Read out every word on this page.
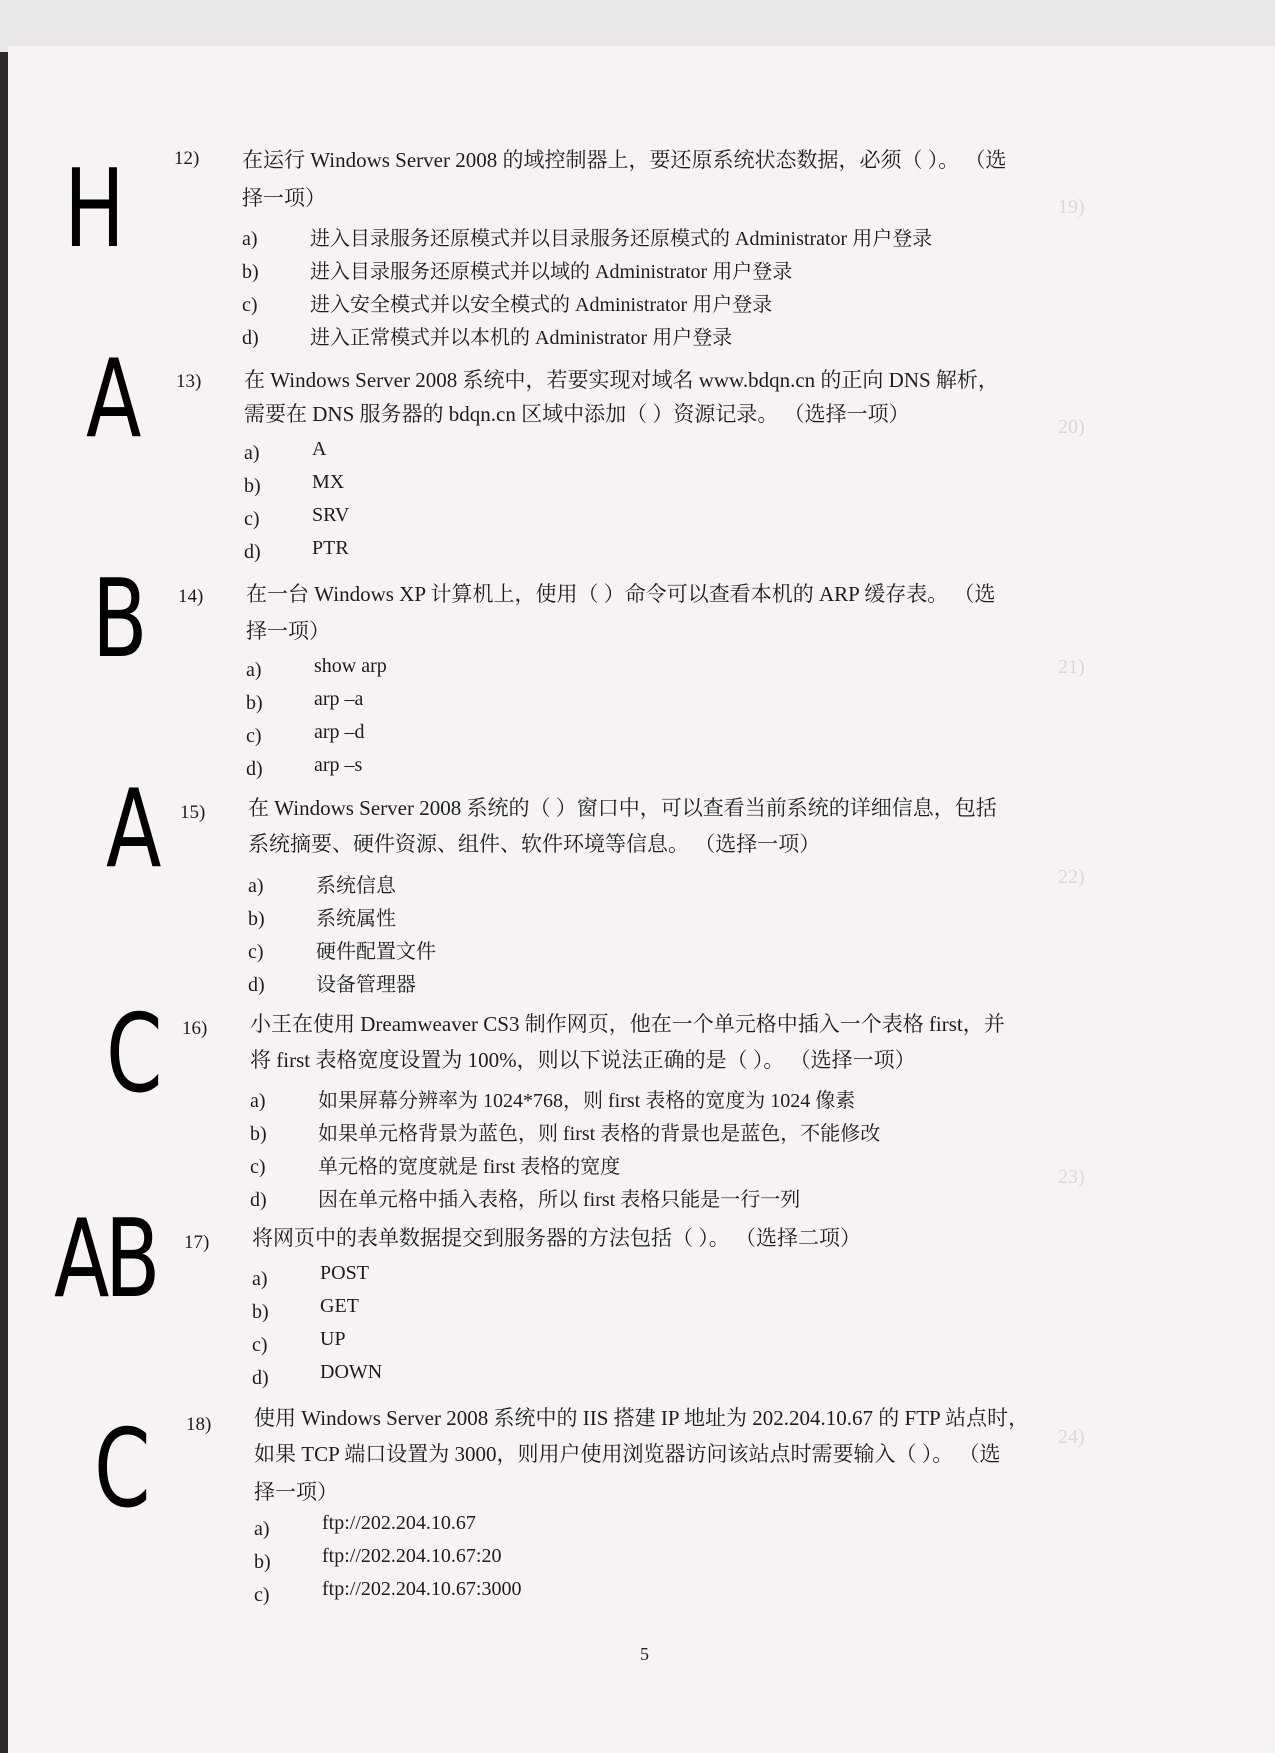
19)
20)
21)
22)
23)
24)
H
A
B
A
C
AB
C
12) 在运行 Windows Server 2008 的域控制器上，要还原系统状态数据，必须（ ）。 （选
择一项）
a)	进入目录服务还原模式并以目录服务还原模式的 Administrator 用户登录
b)	进入目录服务还原模式并以域的 Administrator 用户登录
c)	进入安全模式并以安全模式的 Administrator 用户登录
d)	进入正常模式并以本机的 Administrator 用户登录
13) 在 Windows Server 2008 系统中，若要实现对域名 www.bdqn.cn 的正向 DNS 解析，
需要在 DNS 服务器的 bdqn.cn 区域中添加（ ）资源记录。 （选择一项）
a)	A
b)	MX
c)	SRV
d)	PTR
14) 在一台 Windows XP 计算机上，使用（ ）命令可以查看本机的 ARP 缓存表。 （选
择一项）
a)	show arp
b)	arp –a
c)	arp –d
d)	arp –s
15) 在 Windows Server 2008 系统的（ ）窗口中，可以查看当前系统的详细信息，包括
系统摘要、硬件资源、组件、软件环境等信息。 （选择一项）
a)	系统信息
b)	系统属性
c)	硬件配置文件
d)	设备管理器
16) 小王在使用 Dreamweaver CS3 制作网页，他在一个单元格中插入一个表格 first，并
将 first 表格宽度设置为 100%，则以下说法正确的是（ ）。 （选择一项）
a)	如果屏幕分辨率为 1024*768，则 first 表格的宽度为 1024 像素
b)	如果单元格背景为蓝色，则 first 表格的背景也是蓝色，不能修改
c)	单元格的宽度就是 first 表格的宽度
d)	因在单元格中插入表格，所以 first 表格只能是一行一列
17) 将网页中的表单数据提交到服务器的方法包括（ ）。 （选择二项）
a)	POST
b)	GET
c)	UP
d)	DOWN
18) 使用 Windows Server 2008 系统中的 IIS 搭建 IP 地址为 202.204.10.67 的 FTP 站点时，
如果 TCP 端口设置为 3000，则用户使用浏览器访问该站点时需要输入（ ）。 （选
择一项）
a)	ftp://202.204.10.67
b)	ftp://202.204.10.67:20
c)	ftp://202.204.10.67:3000
5
